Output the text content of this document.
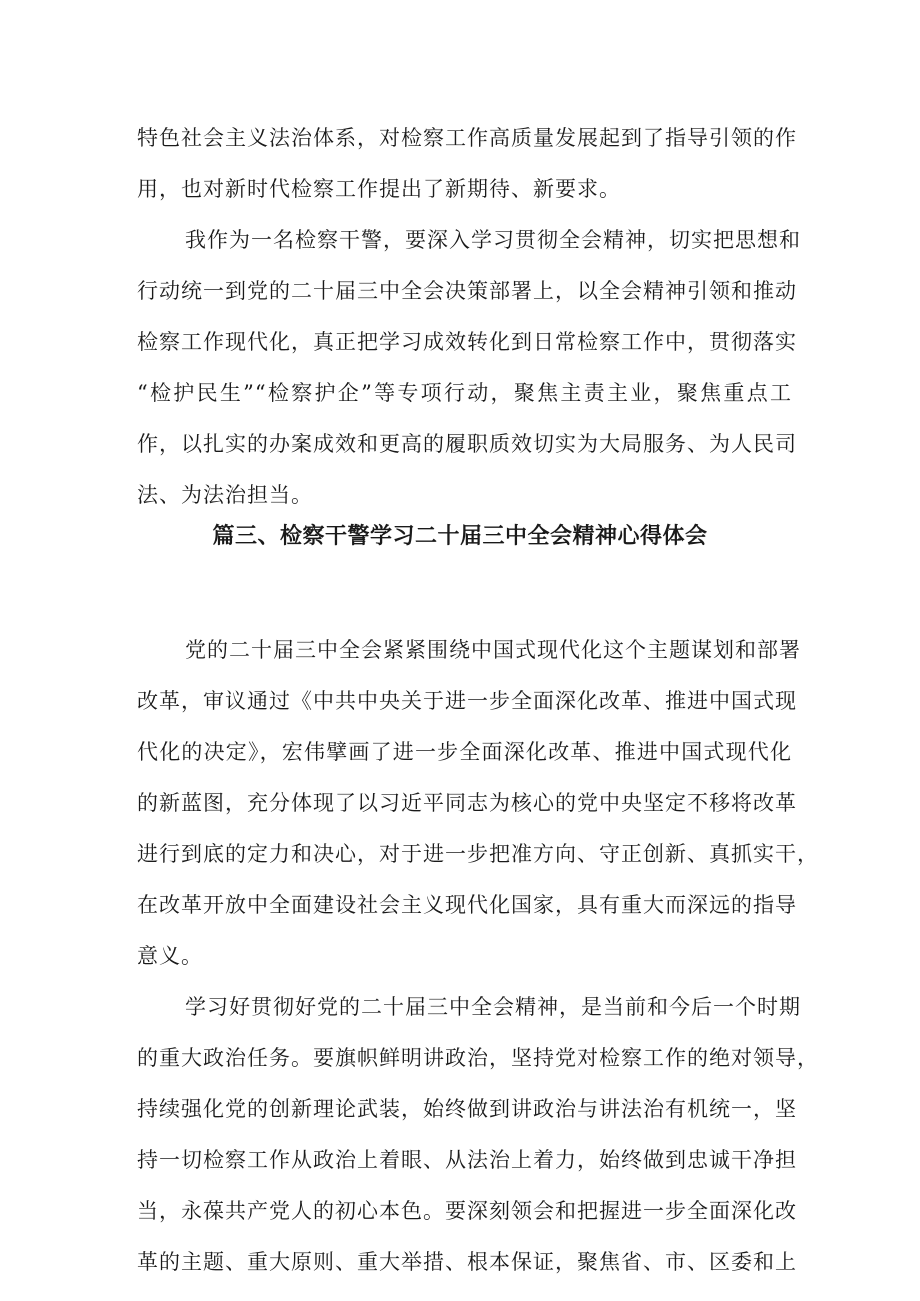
特色社会主义法治体系，对检察工作高质量发展起到了指导引领的作
用，也对新时代检察工作提出了新期待、新要求。
我作为一名检察干警，要深入学习贯彻全会精神，切实把思想和
行动统一到党的二十届三中全会决策部署上，以全会精神引领和推动
检察工作现代化，真正把学习成效转化到日常检察工作中，贯彻落实
“检护民生”“检察护企”等专项行动，聚焦主责主业，聚焦重点工
作，以扎实的办案成效和更高的履职质效切实为大局服务、为人民司
法、为法治担当。
篇三、检察干警学习二十届三中全会精神心得体会
党的二十届三中全会紧紧围绕中国式现代化这个主题谋划和部署
改革，审议通过《中共中央关于进一步全面深化改革、推进中国式现
代化的决定》，宏伟擘画了进一步全面深化改革、推进中国式现代化
的新蓝图，充分体现了以习近平同志为核心的党中央坚定不移将改革
进行到底的定力和决心，对于进一步把准方向、守正创新、真抓实干，
在改革开放中全面建设社会主义现代化国家，具有重大而深远的指导
意义。
学习好贯彻好党的二十届三中全会精神，是当前和今后一个时期
的重大政治任务。要旗帜鲜明讲政治，坚持党对检察工作的绝对领导，
持续强化党的创新理论武装，始终做到讲政治与讲法治有机统一，坚
持一切检察工作从政治上着眼、从法治上着力，始终做到忠诚干净担
当，永葆共产党人的初心本色。要深刻领会和把握进一步全面深化改
革的主题、重大原则、重大举措、根本保证，聚焦省、市、区委和上
